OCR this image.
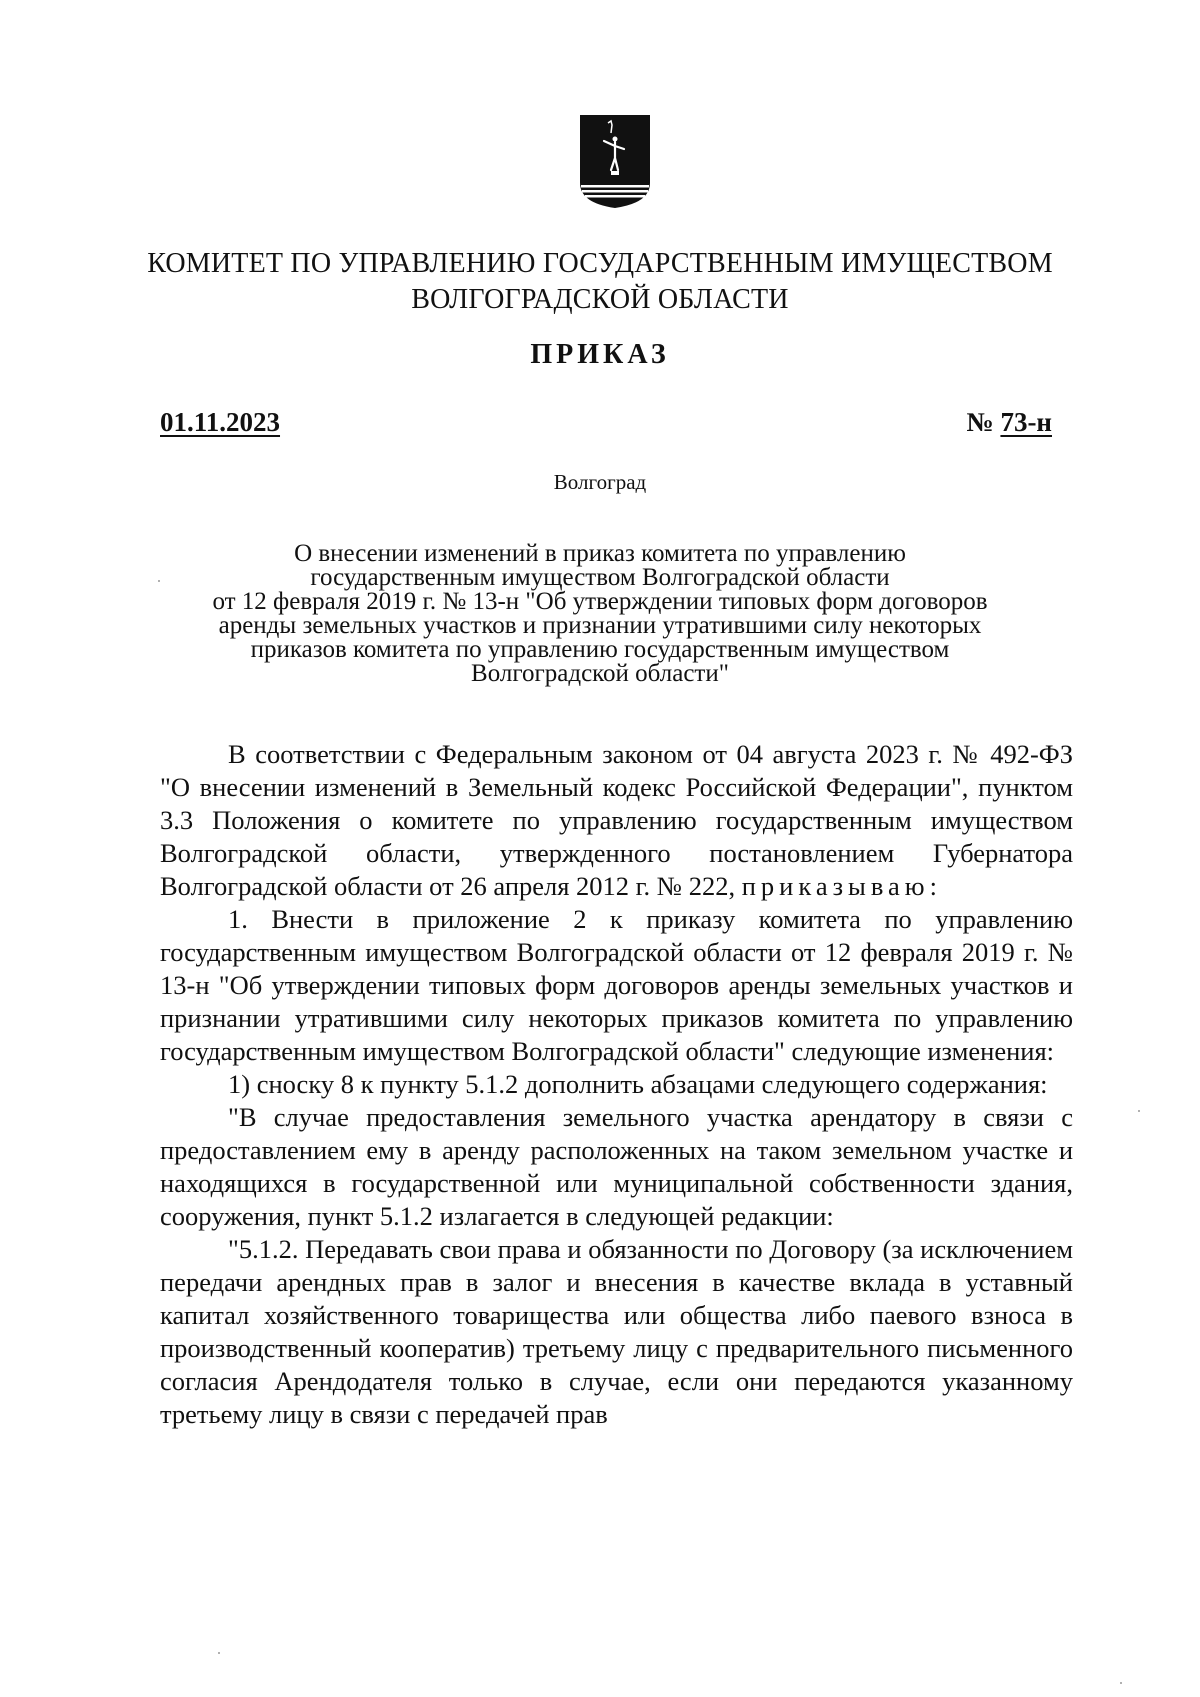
КОМИТЕТ ПО УПРАВЛЕНИЮ ГОСУДАРСТВЕННЫМ ИМУЩЕСТВОМ
ВОЛГОГРАДСКОЙ ОБЛАСТИ
ПРИКАЗ
01.11.2023	№ 73-н
Волгоград
О внесении изменений в приказ комитета по управлению
государственным имуществом Волгоградской области
от 12 февраля 2019 г. № 13-н "Об утверждении типовых форм договоров
аренды земельных участков и признании утратившими силу некоторых
приказов комитета по управлению государственным имуществом
Волгоградской области"

В соответствии с Федеральным законом от 04 августа 2023 г. № 492-ФЗ "О внесении изменений в Земельный кодекс Российской Федерации", пунктом 3.3 Положения о комитете по управлению государственным имуществом Волгоградской области, утвержденного постановлением Губернатора Волгоградской области от 26 апреля 2012 г. № 222, приказываю:

1. Внести в приложение 2 к приказу комитета по управлению государственным имуществом Волгоградской области от 12 февраля 2019 г. № 13-н "Об утверждении типовых форм договоров аренды земельных участков и признании утратившими силу некоторых приказов комитета по управлению государственным имуществом Волгоградской области" следующие изменения:

1) сноску 8 к пункту 5.1.2 дополнить абзацами следующего содержания:

"В случае предоставления земельного участка арендатору в связи с предоставлением ему в аренду расположенных на таком земельном участке и находящихся в государственной или муниципальной собственности здания, сооружения, пункт 5.1.2 излагается в следующей редакции:

"5.1.2. Передавать свои права и обязанности по Договору (за исключением передачи арендных прав в залог и внесения в качестве вклада в уставный капитал хозяйственного товарищества или общества либо паевого взноса в производственный кооператив) третьему лицу с предварительного письменного согласия Арендодателя только в случае, если они передаются указанному третьему лицу в связи с передачей прав
